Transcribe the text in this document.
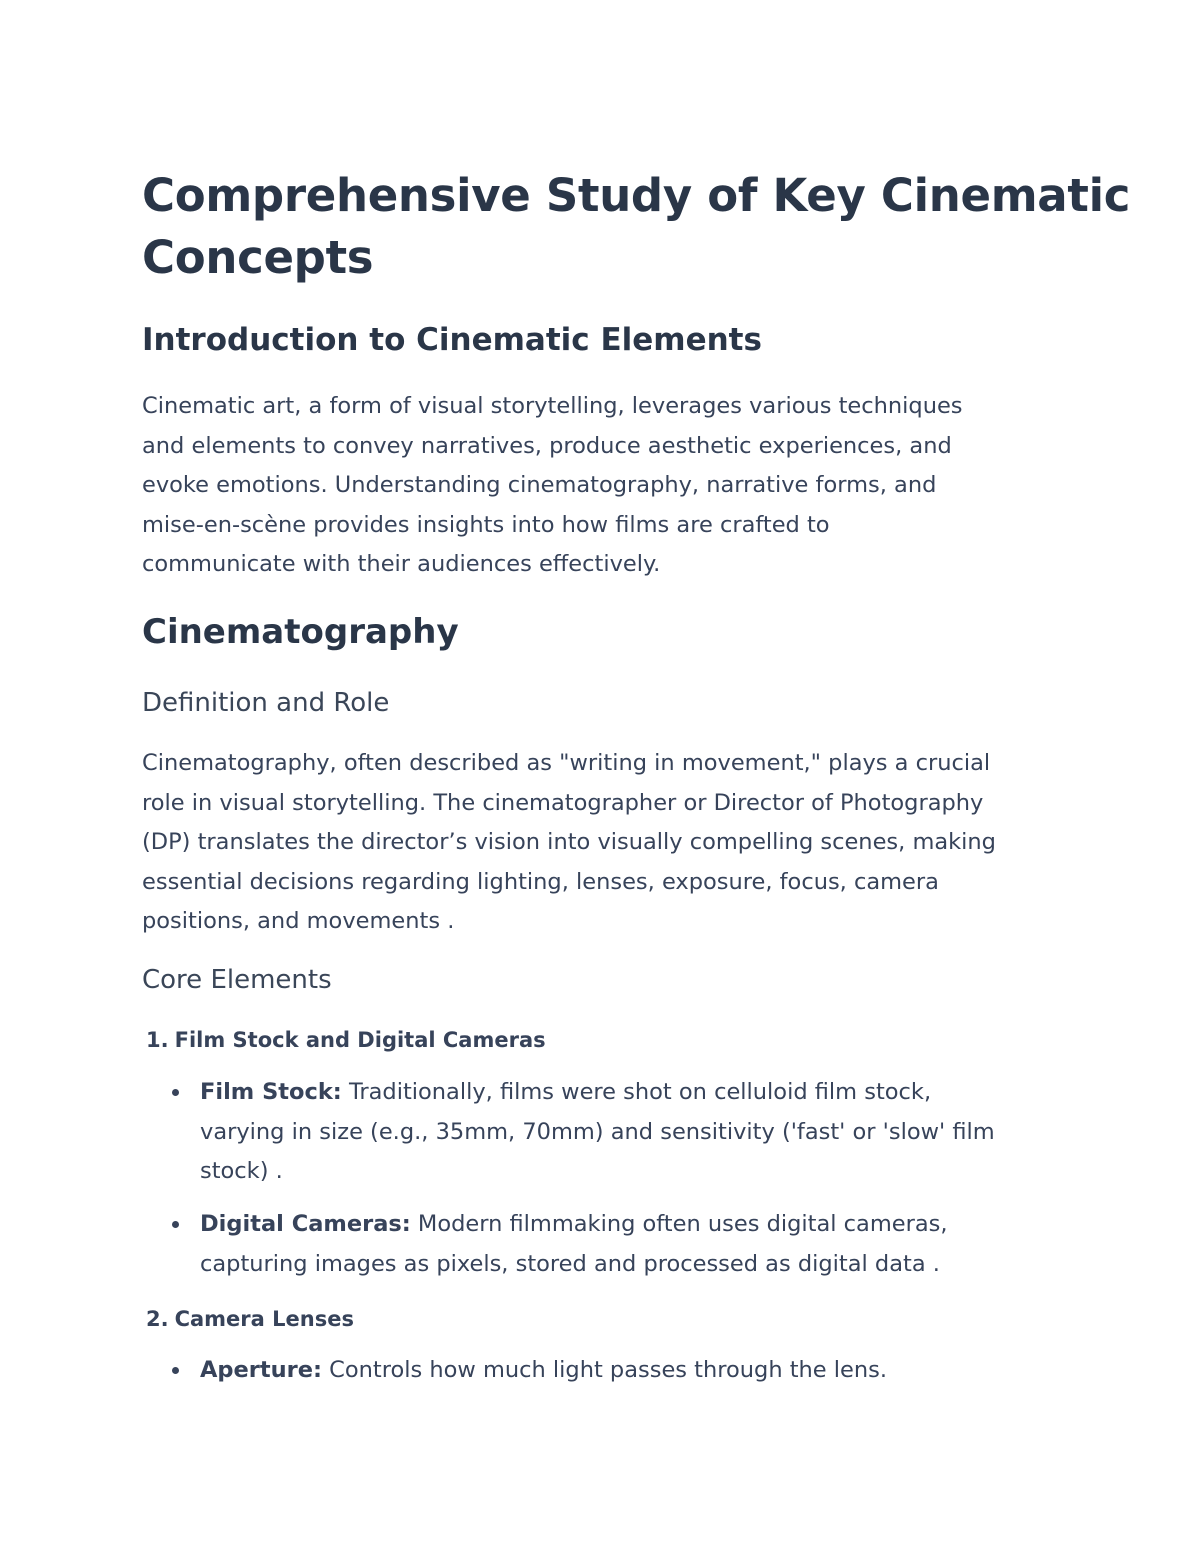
Comprehensive Study of Key Cinematic
Concepts
Introduction to Cinematic Elements

Cinematic art, a form of visual storytelling, leverages various techniques
and elements to convey narratives, produce aesthetic experiences, and
evoke emotions. Understanding cinematography, narrative forms, and
mise-en-scène provides insights into how films are crafted to
communicate with their audiences effectively.

Cinematography
Definition and Role

Cinematography, often described as "writing in movement," plays a crucial
role in visual storytelling. The cinematographer or Director of Photography
(DP) translates the director’s vision into visually compelling scenes, making
essential decisions regarding lighting, lenses, exposure, focus, camera
positions, and movements .

Core Elements
1. Film Stock and Digital Cameras
Film Stock: Traditionally, films were shot on celluloid film stock,
varying in size (e.g., 35mm, 70mm) and sensitivity ('fast' or 'slow' film
stock) .
Digital Cameras: Modern filmmaking often uses digital cameras,
capturing images as pixels, stored and processed as digital data .
2. Camera Lenses
Aperture: Controls how much light passes through the lens.
